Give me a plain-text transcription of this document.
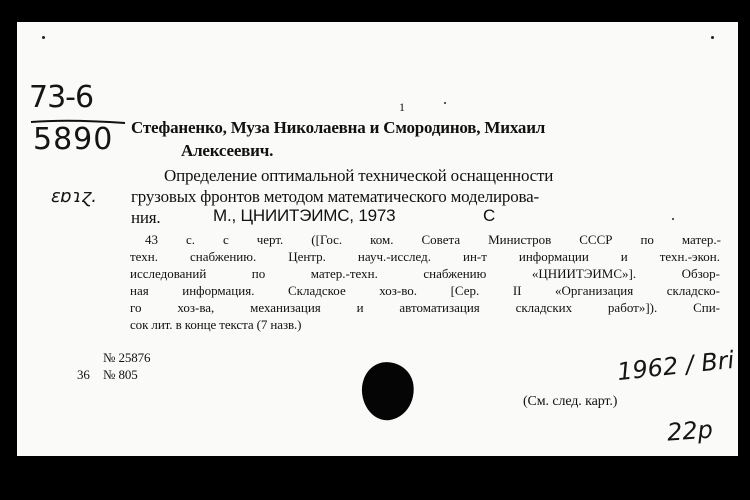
73-6
5890
ɛɒɿɀ.
1
Стефаненко, Муза Николаевна и Смородинов, Михаил
Алексеевич.
Определение оптимальной технической оснащенности
грузовых фронтов методом математического моделирова-
ния.	М., ЦНИИТЭИМС, 1973	С
43 с. с черт. ([Гос. ком. Совета Министров СССР по матер.-
техн. снабжению. Центр. науч.-исслед. ин-т информации и техн.-экон.
исследований по матер.-техн. снабжению «ЦНИИТЭИМС»]. Обзор-
ная информация. Складское хоз-во. [Сер. II «Организация складско-
го хоз-ва, механизация и автоматизация складских работ»]). Спи-
сок лит. в конце текста (7 назв.)
№ 25876
36 № 805	1962 / Bri
(См. след. карт.)
22р
